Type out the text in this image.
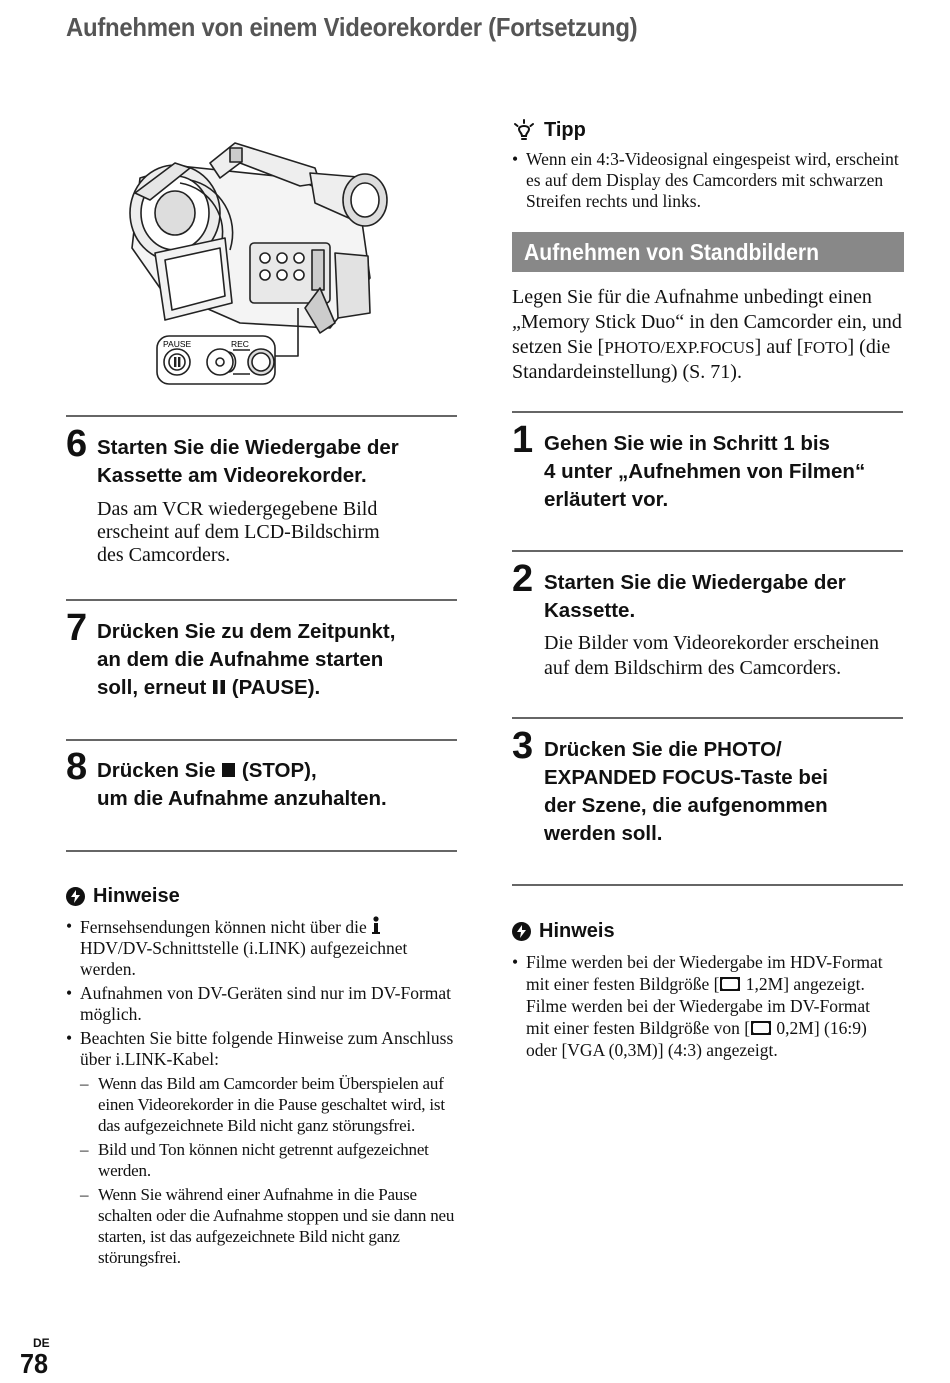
Aufnehmen von einem Videorekorder (Fortsetzung)
PAUSE	REC
6 Starten Sie die Wiedergabe der
Kassette am Videorekorder.
Das am VCR wiedergegebene Bild
erscheint auf dem LCD-Bildschirm
des Camcorders.
7 Drücken Sie zu dem Zeitpunkt,
an dem die Aufnahme starten
soll, erneut  (PAUSE).
8 Drücken Sie  (STOP),
um die Aufnahme anzuhalten.
Hinweise
• Fernsehsendungen können nicht über die
HDV/DV-Schnittstelle (i.LINK) aufgezeichnet werden.
• Aufnahmen von DV-Geräten sind nur im DV-Format möglich.
• Beachten Sie bitte folgende Hinweise zum Anschluss über i.LINK-Kabel:
– Wenn das Bild am Camcorder beim Überspielen auf einen Videorekorder in die Pause geschaltet wird, ist das aufgezeichnete Bild nicht ganz störungsfrei.
– Bild und Ton können nicht getrennt aufgezeichnet werden.
– Wenn Sie während einer Aufnahme in die Pause schalten oder die Aufnahme stoppen und sie dann neu starten, ist das aufgezeichnete Bild nicht ganz störungsfrei.
Tipp
• Wenn ein 4:3-Videosignal eingespeist wird, erscheint es auf dem Display des Camcorders mit schwarzen Streifen rechts und links.
Aufnehmen von Standbildern

Legen Sie für die Aufnahme unbedingt einen „Memory Stick Duo“ in den Camcorder ein, und setzen Sie [PHOTO/EXP.FOCUS] auf [FOTO] (die Standardeinstellung) (S. 71).

1 Gehen Sie wie in Schritt 1 bis
4 unter „Aufnehmen von Filmen“
erläutert vor.
2 Starten Sie die Wiedergabe der
Kassette.
Die Bilder vom Videorekorder erscheinen
auf dem Bildschirm des Camcorders.
3 Drücken Sie die PHOTO/
EXPANDED FOCUS-Taste bei
der Szene, die aufgenommen
werden soll.
Hinweis
• Filme werden bei der Wiedergabe im HDV-Format mit einer festen Bildgröße [ 1,2M] angezeigt. Filme werden bei der Wiedergabe im DV-Format mit einer festen Bildgröße von [ 0,2M] (16:9) oder [VGA (0,3M)] (4:3) angezeigt.
DE
78
